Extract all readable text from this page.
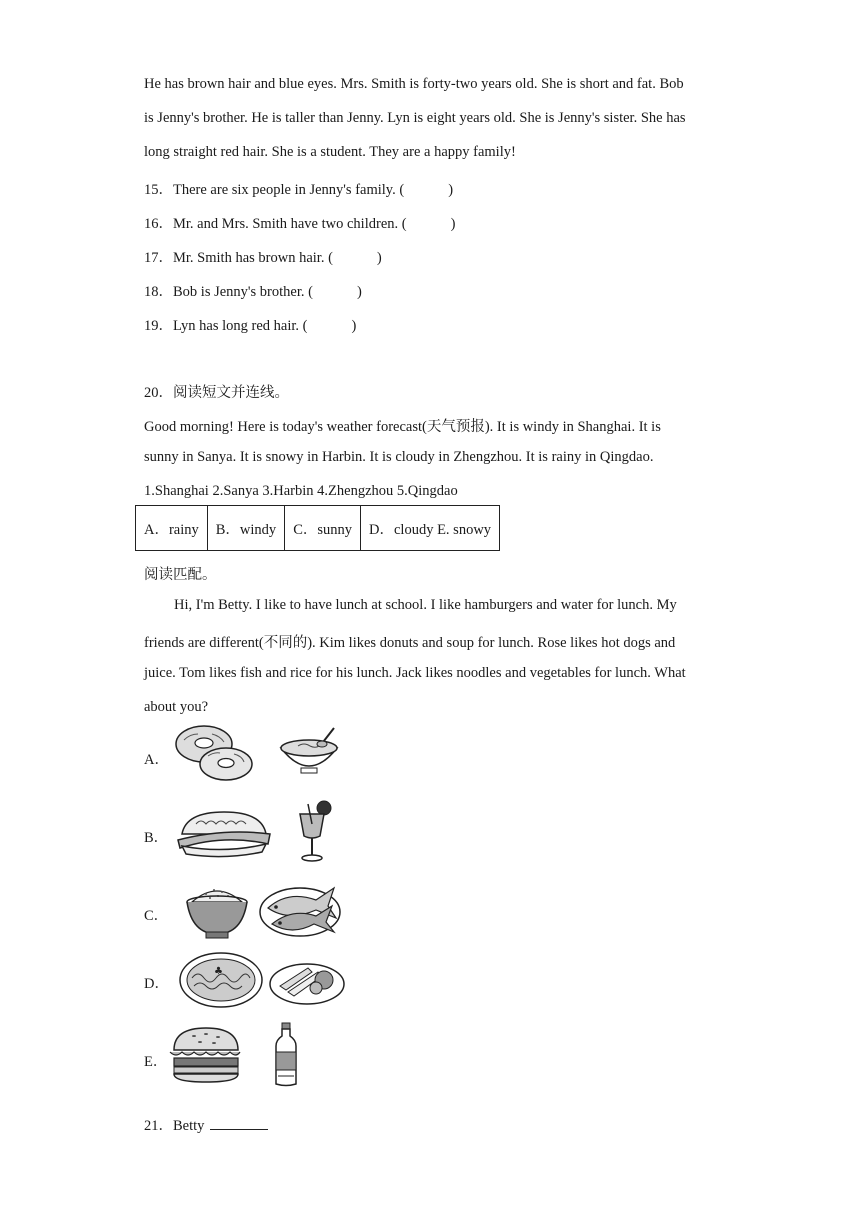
He has brown hair and blue eyes. Mrs. Smith is forty-two years old. She is short and fat. Bob
is Jenny's brother. He is taller than Jenny. Lyn is eight years old. She is Jenny's sister. She has
long straight red hair. She is a student. They are a happy family!
15．There are six people in Jenny's family. (	)
16．Mr. and Mrs. Smith have two children. (	)
17．Mr. Smith has brown hair. (	)
18．Bob is Jenny's brother. (	)
19．Lyn has long red hair. (	)
20．阅读短文并连线。
Good morning! Here is today's weather forecast(天气预报). It is windy in Shanghai. It is
sunny in Sanya. It is snowy in Harbin. It is cloudy in Zhengzhou. It is rainy in Qingdao.
1.Shanghai 2.Sanya 3.Harbin 4.Zhengzhou 5.Qingdao
A．rainy	B．windy	C．sunny	D．cloudy E. snowy
阅读匹配。
Hi, I'm Betty. I like to have lunch at school. I like hamburgers and water for lunch. My
friends are different(不同的). Kim likes donuts and soup for lunch. Rose likes hot dogs and
juice. Tom likes fish and rice for his lunch. Jack likes noodles and vegetables for lunch. What
about you?
A．
B．
C．
D．
♣
E．
21．Betty
